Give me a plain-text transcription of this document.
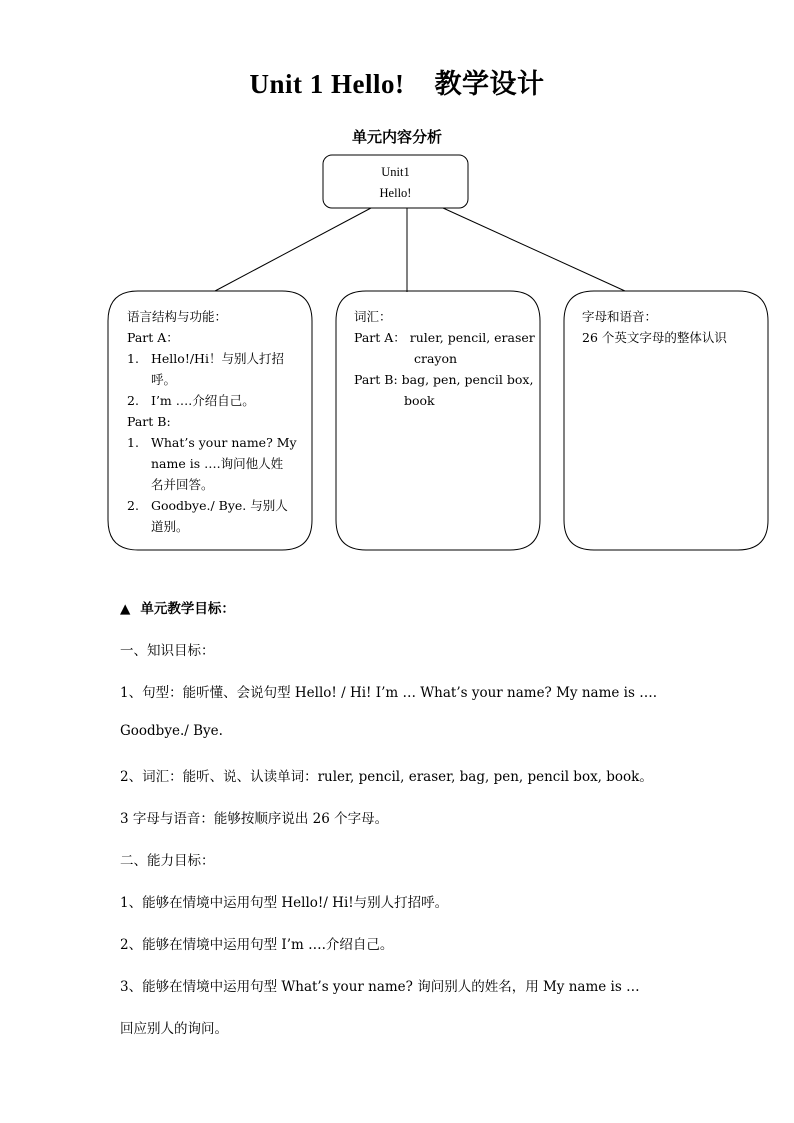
Unit 1 Hello! 教学设计
单元内容分析
Unit1
Hello!
语言结构与功能：
Part A：
1. Hello!/Hi！与别人打招
呼。
2. I’m ….介绍自己。
Part B:
1. What’s your name? My
name is ….询问他人姓
名并回答。
2. Goodbye./ Bye. 与别人
道别。
词汇：
Part A： ruler, pencil, eraser
crayon
Part B: bag, pen, pencil box,
book
字母和语音：
26 个英文字母的整体认识
▲ 单元教学目标：
一、知识目标：
1、句型：能听懂、会说句型 Hello! / Hi! I’m … What’s your name? My name is ….
Goodbye./ Bye.
2、词汇：能听、说、认读单词：ruler, pencil, eraser, bag, pen, pencil box, book。
3 字母与语音：能够按顺序说出 26 个字母。
二、能力目标：
1、能够在情境中运用句型 Hello!/ Hi!与别人打招呼。
2、能够在情境中运用句型 I’m ….介绍自己。
3、能够在情境中运用句型 What’s your name? 询问别人的姓名，用 My name is …
回应别人的询问。
